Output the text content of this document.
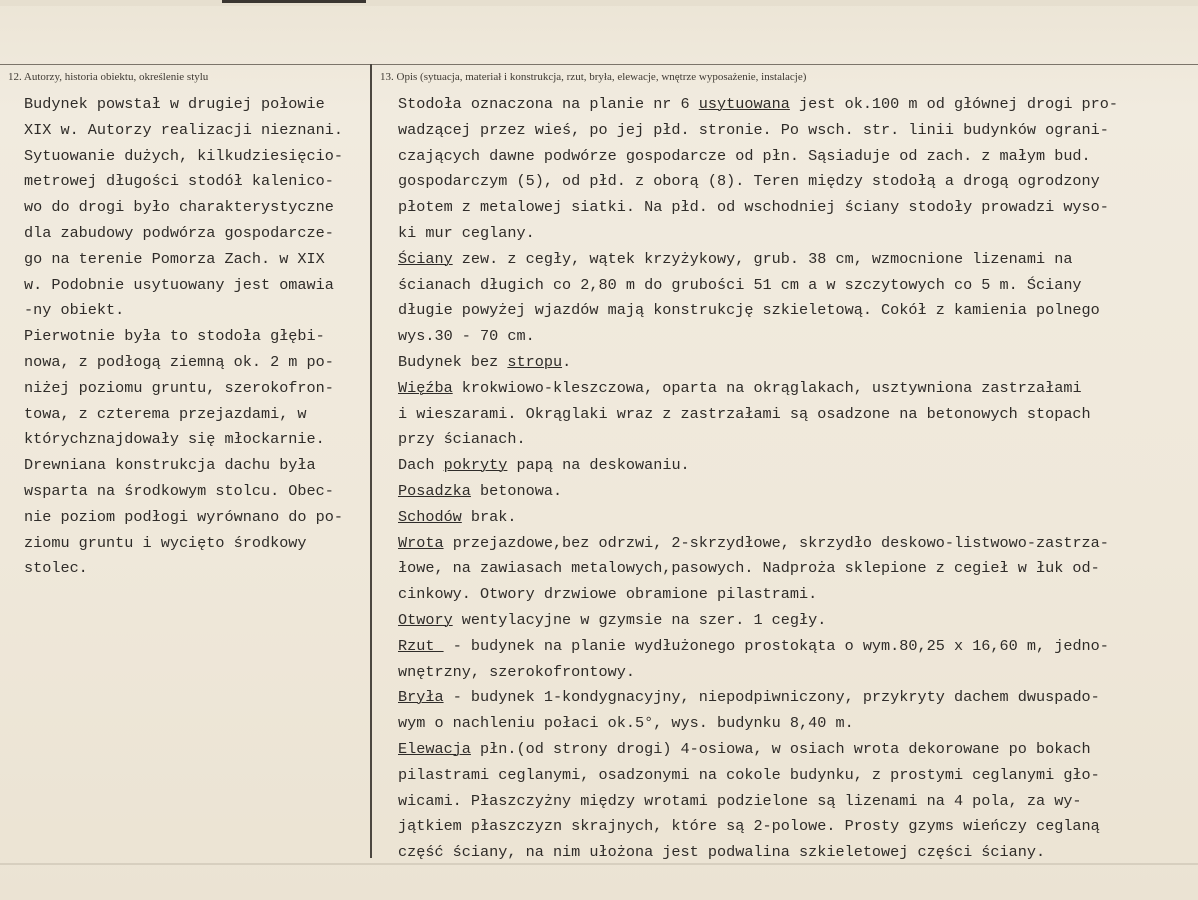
12. Autorzy, historia obiektu, określenie stylu	13. Opis (sytuacja, materiał i konstrukcja, rzut, bryła, elewacje, wnętrze wyposażenie, instalacje)
Budynek powstał w drugiej połowie
XIX w. Autorzy realizacji nieznani.
Sytuowanie dużych, kilkudziesięcio-
metrowej długości stodół kalenico-
wo do drogi było charakterystyczne
dla zabudowy podwórza gospodarcze-
go na terenie Pomorza Zach. w XIX
w. Podobnie usytuowany jest omawia
-ny obiekt.
Pierwotnie była to stodoła głębi-
nowa, z podłogą ziemną ok. 2 m po-
niżej poziomu gruntu, szerokofron-
towa, z czterema przejazdami, w
którychznajdowały się młockarnie.
Drewniana konstrukcja dachu była
wsparta na środkowym stolcu. Obec-
nie poziom podłogi wyrównano do po-
ziomu gruntu i wycięto środkowy
stolec.
Stodoła oznaczona na planie nr 6 usytuowana jest ok.100 m od głównej drogi pro-
wadzącej przez wieś, po jej płd. stronie. Po wsch. str. linii budynków ograni-
czających dawne podwórze gospodarcze od płn. Sąsiaduje od zach. z małym bud.
gospodarczym (5), od płd. z oborą (8). Teren między stodołą a drogą ogrodzony
płotem z metalowej siatki. Na płd. od wschodniej ściany stodoły prowadzi wyso-
ki mur ceglany.
Ściany zew. z cegły, wątek krzyżykowy, grub. 38 cm, wzmocnione lizenami na
ścianach długich co 2,80 m do grubości 51 cm a w szczytowych co 5 m. Ściany
długie powyżej wjazdów mają konstrukcję szkieletową. Cokół z kamienia polnego
wys.30 - 70 cm.
Budynek bez stropu.
Więźba krokwiowo-kleszczowa, oparta na okrąglakach, usztywniona zastrzałami
i wieszarami. Okrąglaki wraz z zastrzałami są osadzone na betonowych stopach
przy ścianach.
Dach pokryty papą na deskowaniu.
Posadzka betonowa.
Schodów brak.
Wrota przejazdowe,bez odrzwi, 2-skrzydłowe, skrzydło deskowo-listwowo-zastrza-
łowe, na zawiasach metalowych,pasowych. Nadproża sklepione z cegieł w łuk od-
cinkowy. Otwory drzwiowe obramione pilastrami.
Otwory wentylacyjne w gzymsie na szer. 1 cegły.
Rzut  - budynek na planie wydłużonego prostokąta o wym.80,25 x 16,60 m, jedno-
wnętrzny, szerokofrontowy.
Bryła - budynek 1-kondygnacyjny, niepodpiwniczony, przykryty dachem dwuspado-
wym o nachleniu połaci ok.5°, wys. budynku 8,40 m.
Elewacja płn.(od strony drogi) 4-osiowa, w osiach wrota dekorowane po bokach
pilastrami ceglanymi, osadzonymi na cokole budynku, z prostymi ceglanymi gło-
wicami. Płaszczyżny między wrotami podzielone są lizenami na 4 pola, za wy-
jątkiem płaszczyzn skrajnych, które są 2-polowe. Prosty gzyms wieńczy ceglaną
część ściany, na nim ułożona jest podwalina szkieletowej części ściany.
